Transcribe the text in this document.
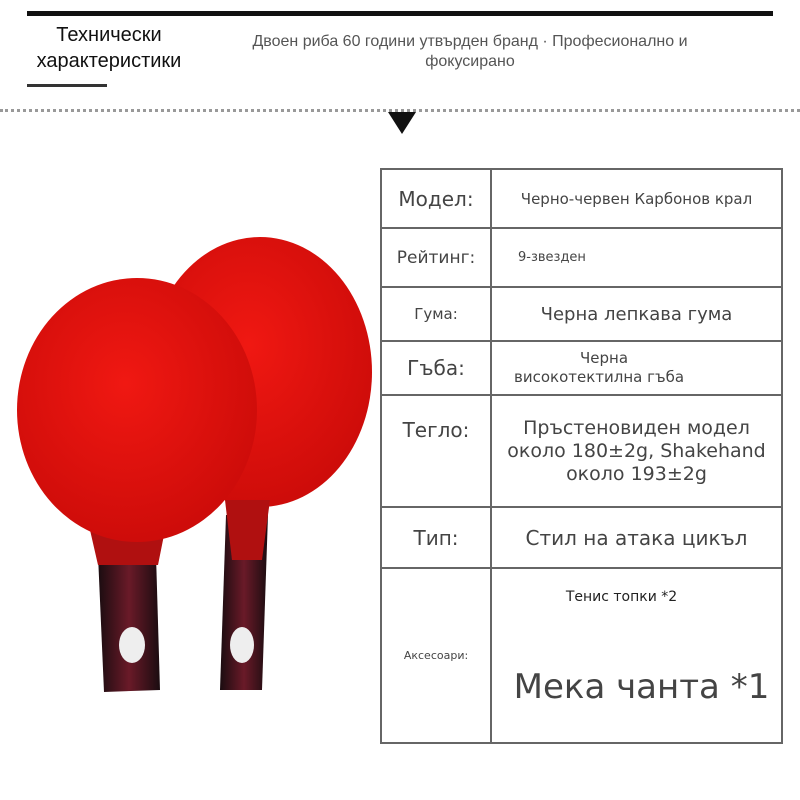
Технически характеристики
Двоен риба 60 години утвърден бранд · Професионално и фокусирано
Модел:	Черно-червен Карбонов крал
Рейтинг:	9-звезден
Гума:	Черна лепкава гума
Гъба:	Черна
високотектилна гъба

Тегло:	Пръстеновиден модел около 180±2g, Shakehand около 193±2g
Тип:	Стил на атака цикъл
Аксесоари:	Тенис топки *2
Мека чанта *1
